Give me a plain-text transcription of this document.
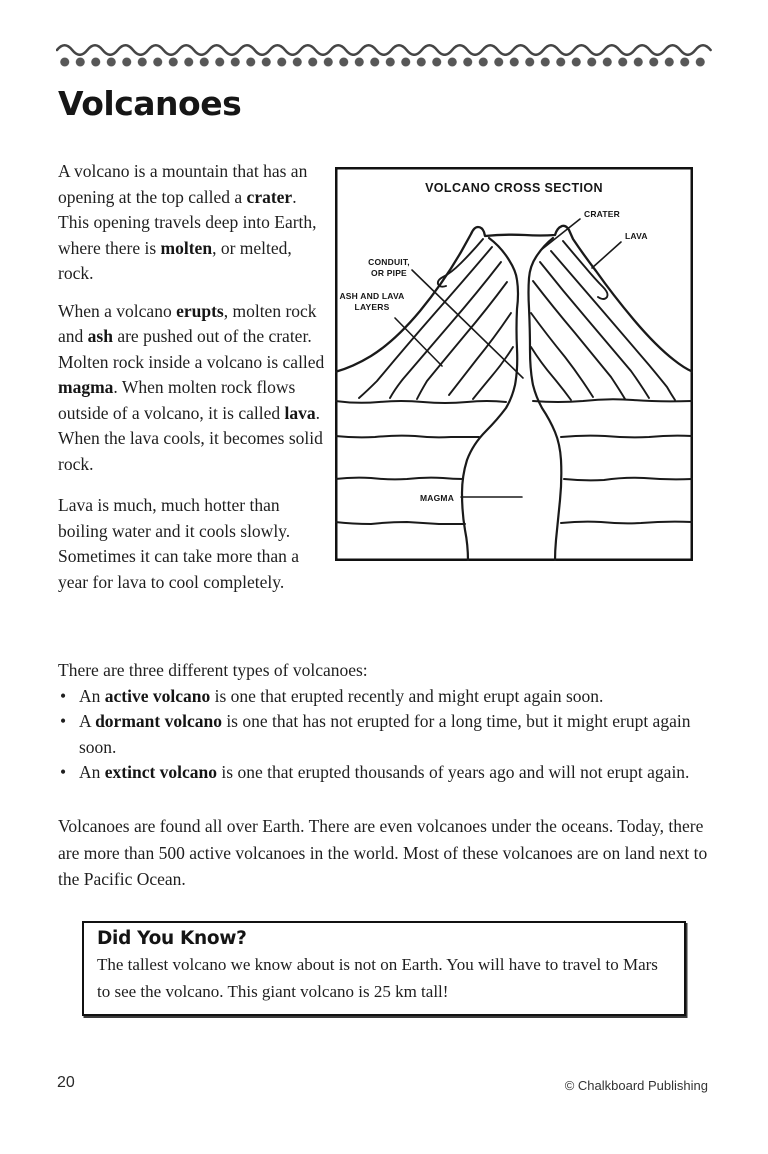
Volcanoes

A volcano is a mountain that has an opening at the top called a crater. This opening travels deep into Earth, where there is molten, or melted, rock.

When a volcano erupts, molten rock and ash are pushed out of the crater. Molten rock inside a volcano is called magma. When molten rock flows outside of a volcano, it is called lava. When the lava cools, it becomes solid rock.

Lava is much, much hotter than boiling water and it cools slowly. Sometimes it can take more than a year for lava to cool completely.

VOLCANO CROSS SECTION
CRATER
LAVA
CONDUIT,
OR PIPE
ASH AND LAVA
LAYERS
MAGMA

There are three different types of volcanoes:

• An active volcano is one that erupted recently and might erupt again soon.
• A dormant volcano is one that has not erupted for a long time, but it might erupt again soon.
• An extinct volcano is one that erupted thousands of years ago and will not erupt again.

Volcanoes are found all over Earth. There are even volcanoes under the oceans. Today, there are more than 500 active volcanoes in the world. Most of these volcanoes are on land next to the Pacific Ocean.

Did You Know?

The tallest volcano we know about is not on Earth. You will have to travel to Mars to see the volcano. This giant volcano is 25 km tall!

20	© Chalkboard Publishing
